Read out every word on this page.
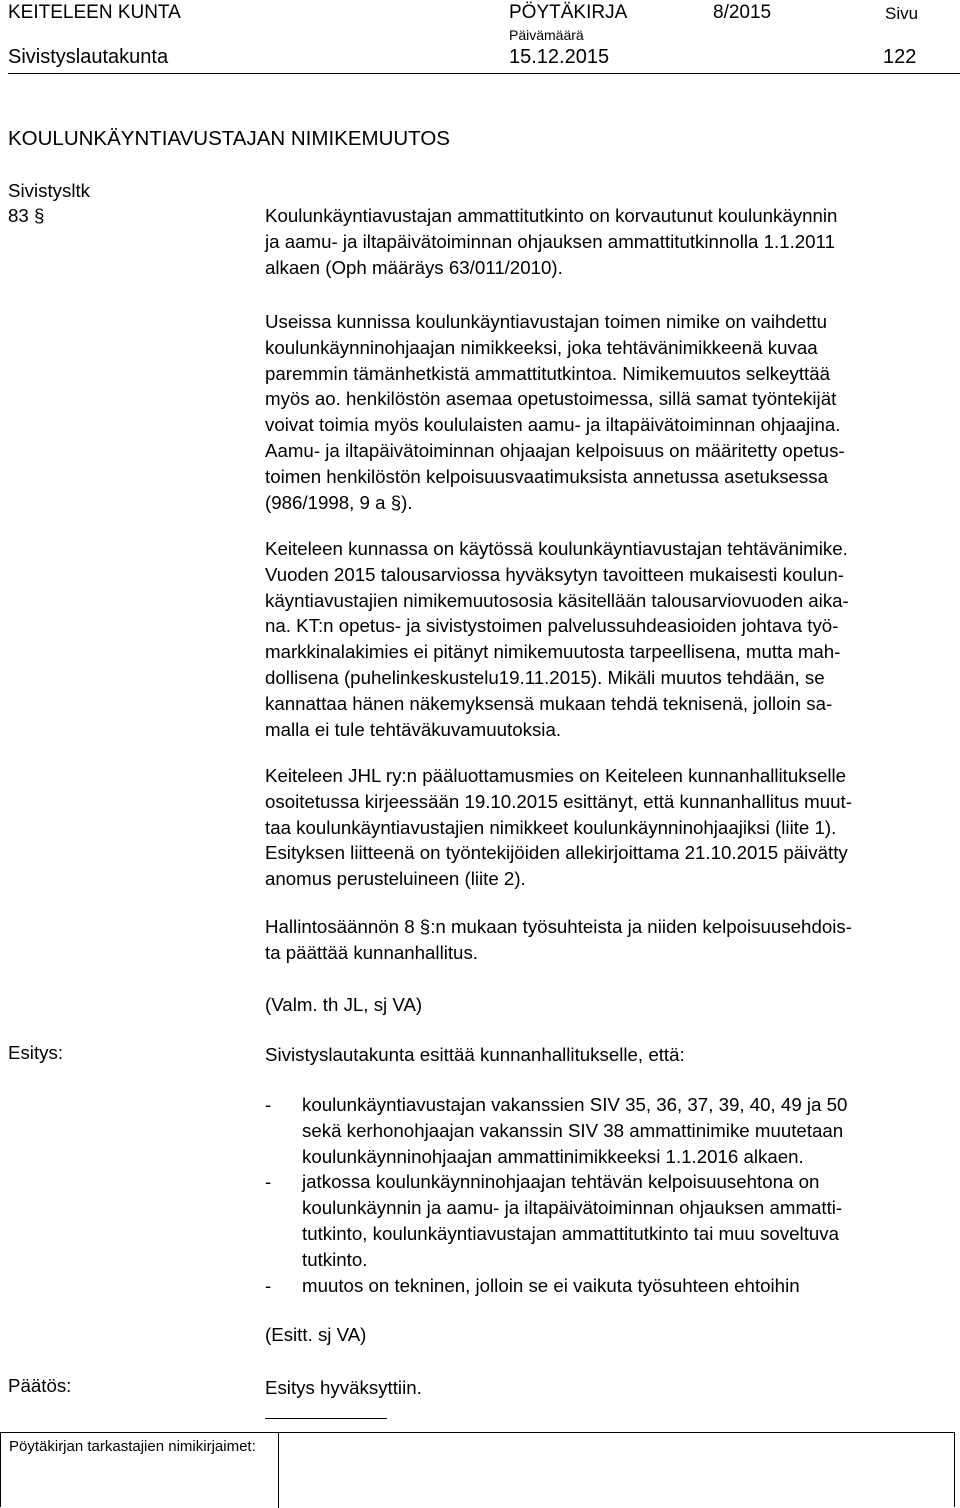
KEITELEEN KUNTA	PÖYTÄKIRJA	8/2015	Sivu
Päivämäärä
Sivistyslautakunta	15.12.2015	122
KOULUNKÄYNTIAVUSTAJAN NIMIKEMUUTOS
Sivistysltk
83 §	Koulunkäyntiavustajan ammattitutkinto on korvautunut koulunkäynnin
ja aamu- ja iltapäivätoiminnan ohjauksen ammattitutkinnolla 1.1.2011
alkaen (Oph määräys 63/011/2010).
Useissa kunnissa koulunkäyntiavustajan toimen nimike on vaihdettu
koulunkäynninohjaajan nimikkeeksi, joka tehtävänimikkeenä kuvaa
paremmin tämänhetkistä ammattitutkintoa. Nimikemuutos selkeyttää
myös ao. henkilöstön asemaa opetustoimessa, sillä samat työntekijät
voivat toimia myös koululaisten aamu- ja iltapäivätoiminnan ohjaajina.
Aamu- ja iltapäivätoiminnan ohjaajan kelpoisuus on määritetty opetus-
toimen henkilöstön kelpoisuusvaatimuksista annetussa asetuksessa
(986/1998, 9 a §).
Keiteleen kunnassa on käytössä koulunkäyntiavustajan tehtävänimike.
Vuoden 2015 talousarviossa hyväksytyn tavoitteen mukaisesti koulun-
käyntiavustajien nimikemuutososia käsitellään talousarviovuoden aika-
na. KT:n opetus- ja sivistystoimen palvelussuhdeasioiden johtava työ-
markkinalakimies ei pitänyt nimikemuutosta tarpeellisena, mutta mah-
dollisena (puhelinkeskustelu19.11.2015). Mikäli muutos tehdään, se
kannattaa hänen näkemyksensä mukaan tehdä teknisenä, jolloin sa-
malla ei tule tehtäväkuvamuutoksia.
Keiteleen JHL ry:n pääluottamusmies on Keiteleen kunnanhallitukselle
osoitetussa kirjeessään 19.10.2015 esittänyt, että kunnanhallitus muut-
taa koulunkäyntiavustajien nimikkeet koulunkäynninohjaajiksi (liite 1).
Esityksen liitteenä on työntekijöiden allekirjoittama 21.10.2015 päivätty
anomus perusteluineen (liite 2).
Hallintosäännön 8 §:n mukaan työsuhteista ja niiden kelpoisuusehdois-
ta päättää kunnanhallitus.
(Valm. th JL, sj VA)
Esitys:	Sivistyslautakunta esittää kunnanhallitukselle, että:
- koulunkäyntiavustajan vakanssien SIV 35, 36, 37, 39, 40, 49 ja 50
sekä kerhonohjaajan vakanssin SIV 38 ammattinimike muutetaan
koulunkäynninohjaajan ammattinimikkeeksi 1.1.2016 alkaen.
- jatkossa koulunkäynninohjaajan tehtävän kelpoisuusehtona on
koulunkäynnin ja aamu- ja iltapäivätoiminnan ohjauksen ammatti-
tutkinto, koulunkäyntiavustajan ammattitutkinto tai muu soveltuva
tutkinto.
- muutos on tekninen, jolloin se ei vaikuta työsuhteen ehtoihin
(Esitt. sj VA)
Päätös:	Esitys hyväksyttiin.
Pöytäkirjan tarkastajien nimikirjaimet:
